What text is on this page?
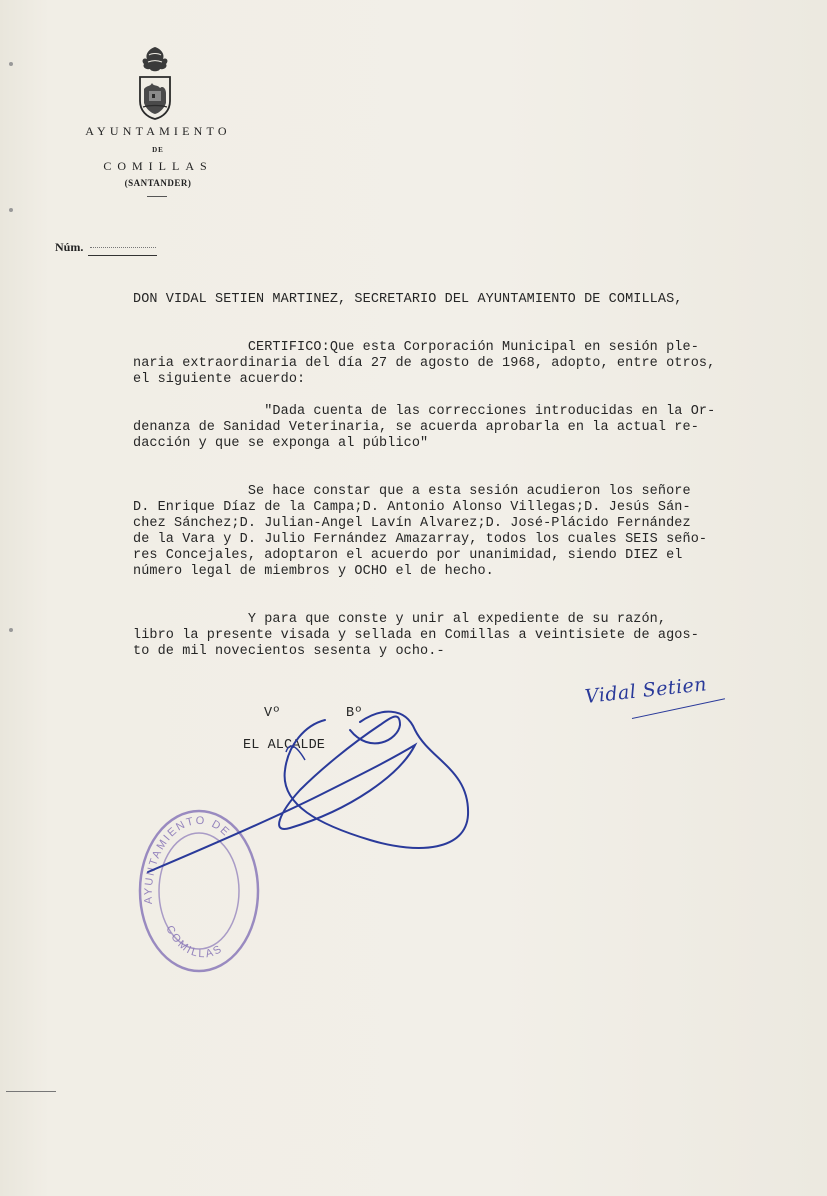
AYUNTAMIENTO
DE
COMILLAS
(SANTANDER)
Núm.
DON VIDAL SETIEN MARTINEZ, SECRETARIO DEL AYUNTAMIENTO DE COMILLAS,
CERTIFICO:Que esta Corporación Municipal en sesión ple-
naria extraordinaria del día 27 de agosto de 1968, adopto, entre otros,
el siguiente acuerdo:
"Dada cuenta de las correcciones introducidas en la Or-
denanza de Sanidad Veterinaria, se acuerda aprobarla en la actual re-
dacción y que se exponga al público"
Se hace constar que a esta sesión acudieron los señore
D. Enrique Díaz de la Campa;D. Antonio Alonso Villegas;D. Jesús Sán-
chez Sánchez;D. Julian-Angel Lavín Alvarez;D. José-Plácido Fernández
de la Vara y D. Julio Fernández Amazarray, todos los cuales SEIS seño-
res Concejales, adoptaron el acuerdo por unanimidad, siendo DIEZ el
número legal de miembros y OCHO el de hecho.
Y para que conste y unir al expediente de su razón,
libro la presente visada y sellada en Comillas a veintisiete de agos-
to de mil novecientos sesenta y ocho.-
Vº        Bº
EL ALCALDE
Vidal Setien
AYUNTAMIENTO DE
COMILLAS
